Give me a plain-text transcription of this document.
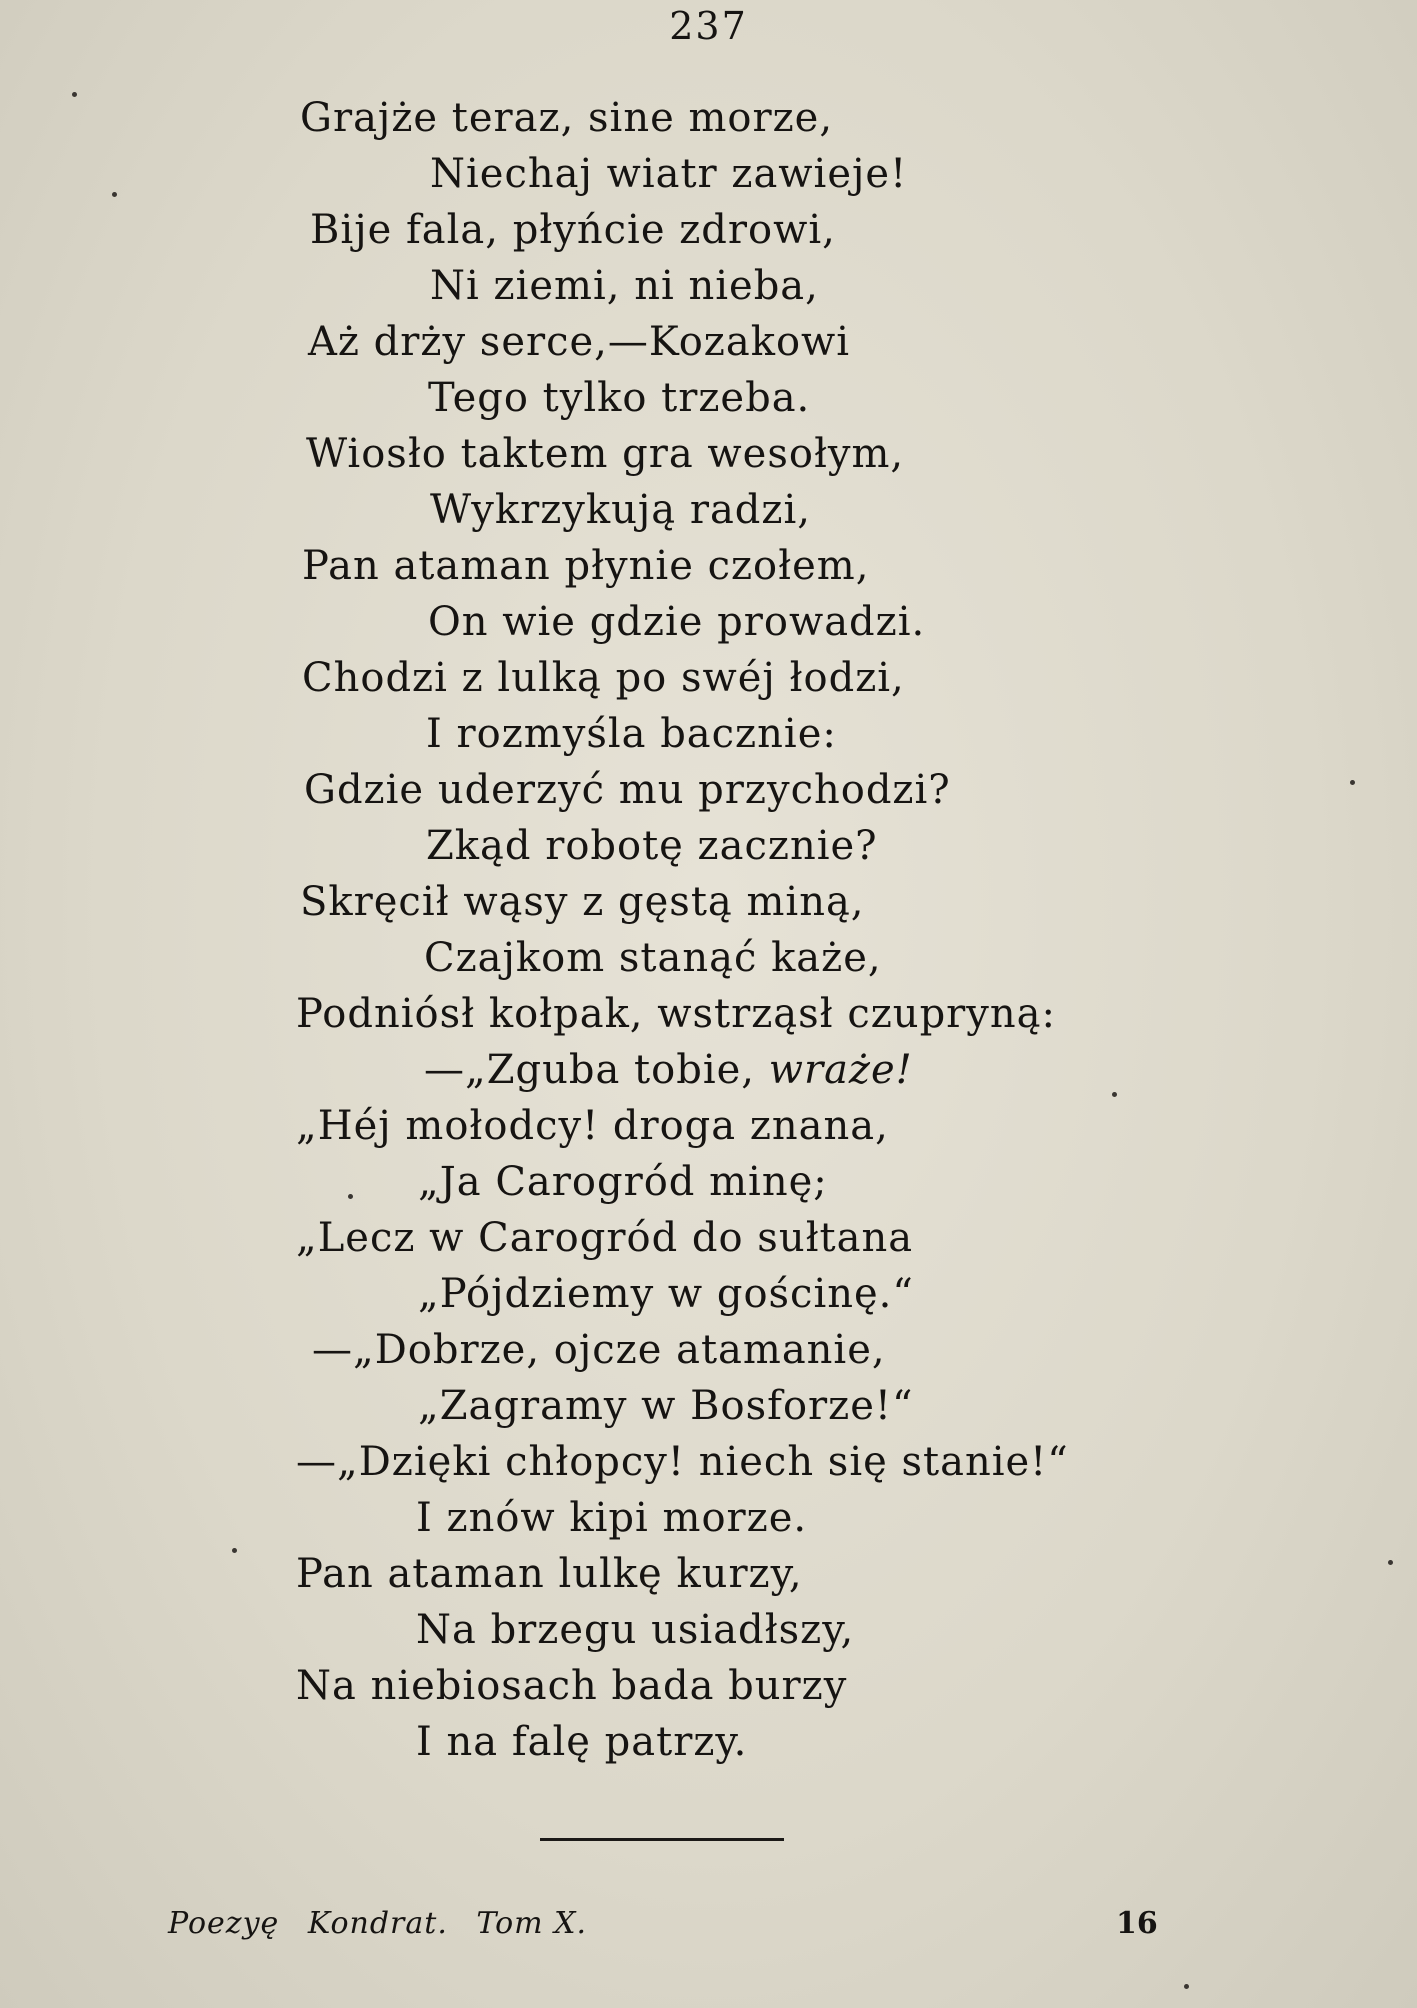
237
Grajże teraz, sine morze,
Niechaj wiatr zawieje!
Bije fala, płyńcie zdrowi,
Ni ziemi, ni nieba,
Aż drży serce,—Kozakowi
Tego tylko trzeba.
Wiosło taktem gra wesołym,
Wykrzykują radzi,
Pan ataman płynie czołem,
On wie gdzie prowadzi.
Chodzi z lulką po swéj łodzi,
I rozmyśla bacznie:
Gdzie uderzyć mu przychodzi?
Zkąd robotę zacznie?
Skręcił wąsy z gęstą miną,
Czajkom stanąć każe,
Podniósł kołpak, wstrząsł czupryną:
—„Zguba tobie, wraże!
„Héj mołodcy! droga znana,
„Ja Carogród minę;
„Lecz w Carogród do sułtana
„Pójdziemy w gościnę.“
—„Dobrze, ojcze atamanie,
„Zagramy w Bosforze!“
—„Dzięki chłopcy! niech się stanie!“
I znów kipi morze.
Pan ataman lulkę kurzy,
Na brzegu usiadłszy,
Na niebiosach bada burzy
I na falę patrzy.
Poezyę Kondrat. Tom X.	16
